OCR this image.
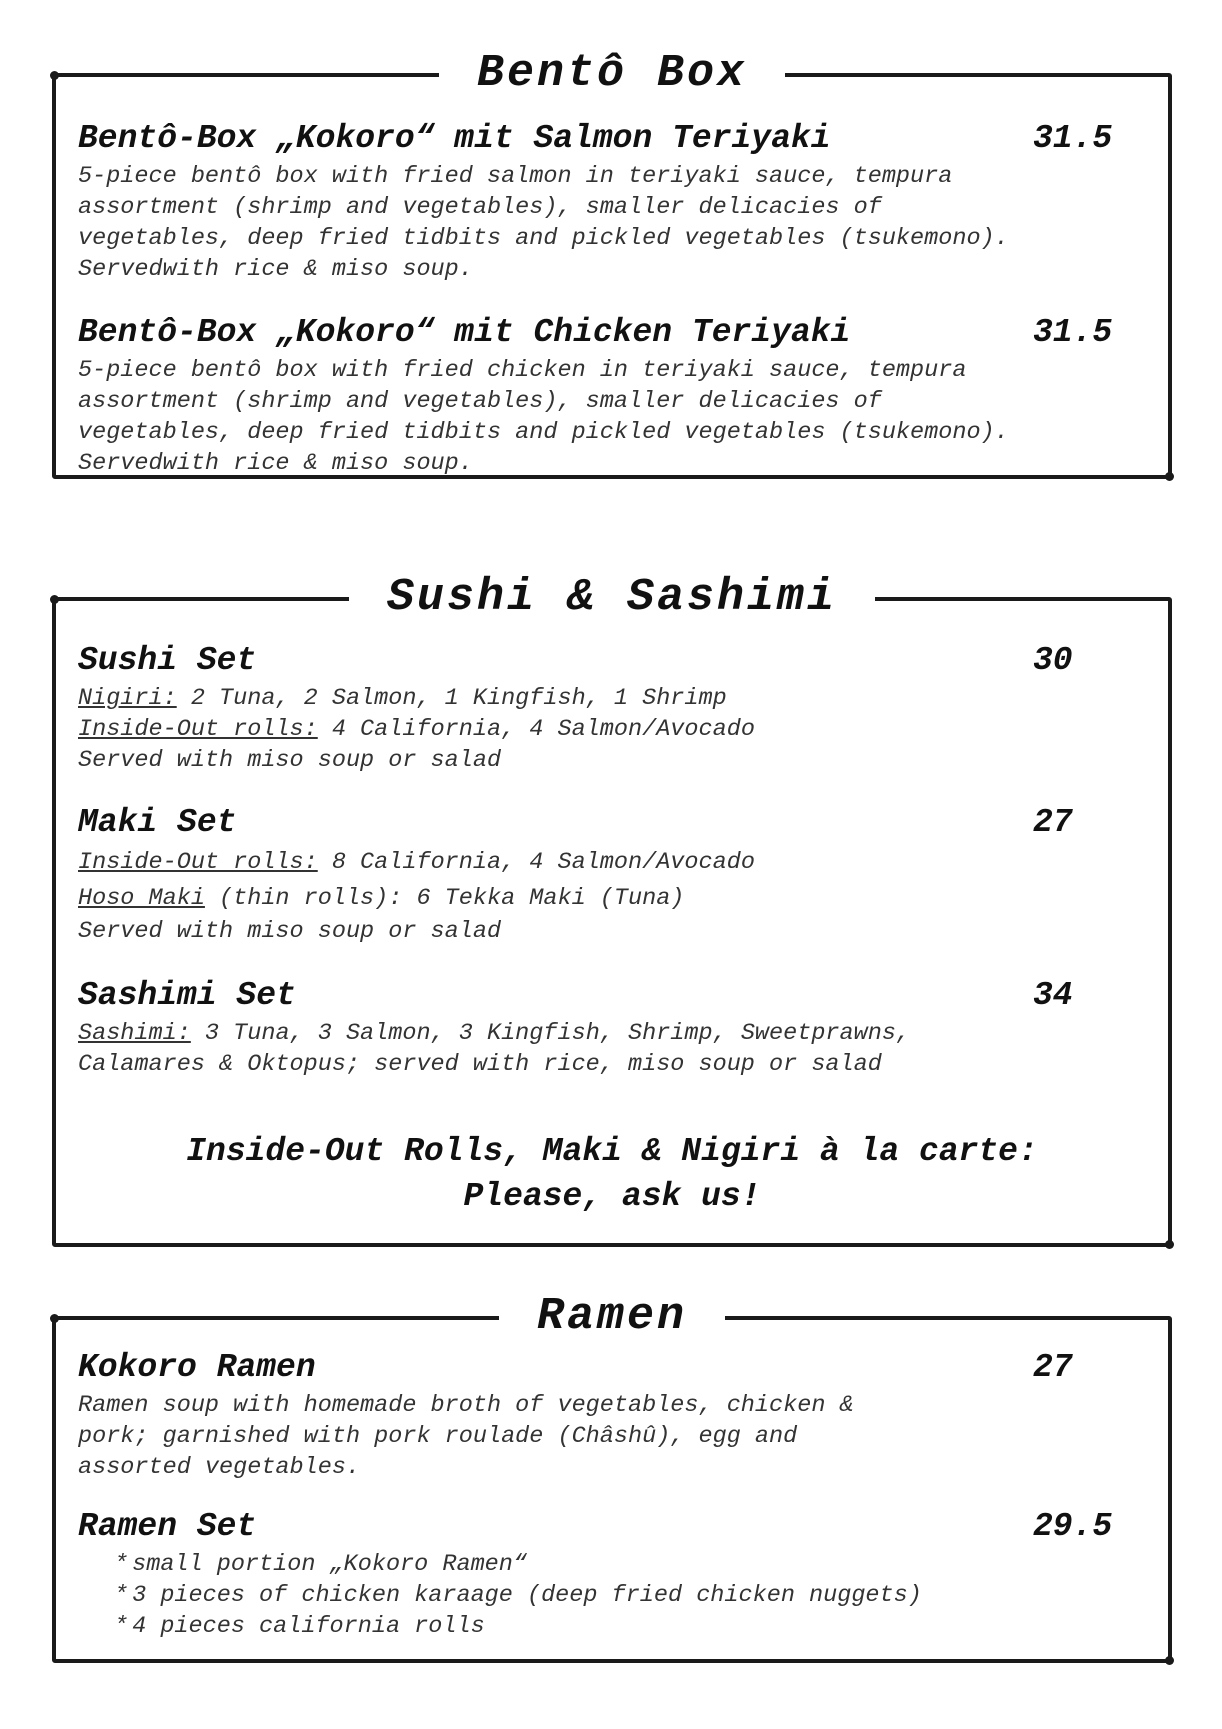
Bentô Box
Bentô-Box „Kokoro“ mit Salmon Teriyaki	31.5
5-piece bentô box with fried salmon in teriyaki sauce, tempura
assortment (shrimp and vegetables), smaller delicacies of
vegetables, deep fried tidbits and pickled vegetables (tsukemono).
Servedwith rice & miso soup.
Bentô-Box „Kokoro“ mit Chicken Teriyaki	31.5
5-piece bentô box with fried chicken in teriyaki sauce, tempura
assortment (shrimp and vegetables), smaller delicacies of
vegetables, deep fried tidbits and pickled vegetables (tsukemono).
Servedwith rice & miso soup.
Sushi & Sashimi
Sushi Set	30
Nigiri: 2 Tuna, 2 Salmon, 1 Kingfish, 1 Shrimp
Inside-Out rolls: 4 California, 4 Salmon/Avocado
Served with miso soup or salad
Maki Set	27
Inside-Out rolls: 8 California, 4 Salmon/Avocado
Hoso Maki (thin rolls): 6 Tekka Maki (Tuna)
Served with miso soup or salad
Sashimi Set	34
Sashimi: 3 Tuna, 3 Salmon, 3 Kingfish, Shrimp, Sweetprawns,
Calamares & Oktopus; served with rice, miso soup or salad
Inside-Out Rolls, Maki & Nigiri à la carte:
Please, ask us!
Ramen
Kokoro Ramen	27
Ramen soup with homemade broth of vegetables, chicken &
pork; garnished with pork roulade (Châshû), egg and
assorted vegetables.
Ramen Set	29.5
* small portion „Kokoro Ramen“
* 3 pieces of chicken karaage (deep fried chicken nuggets)
* 4 pieces california rolls
